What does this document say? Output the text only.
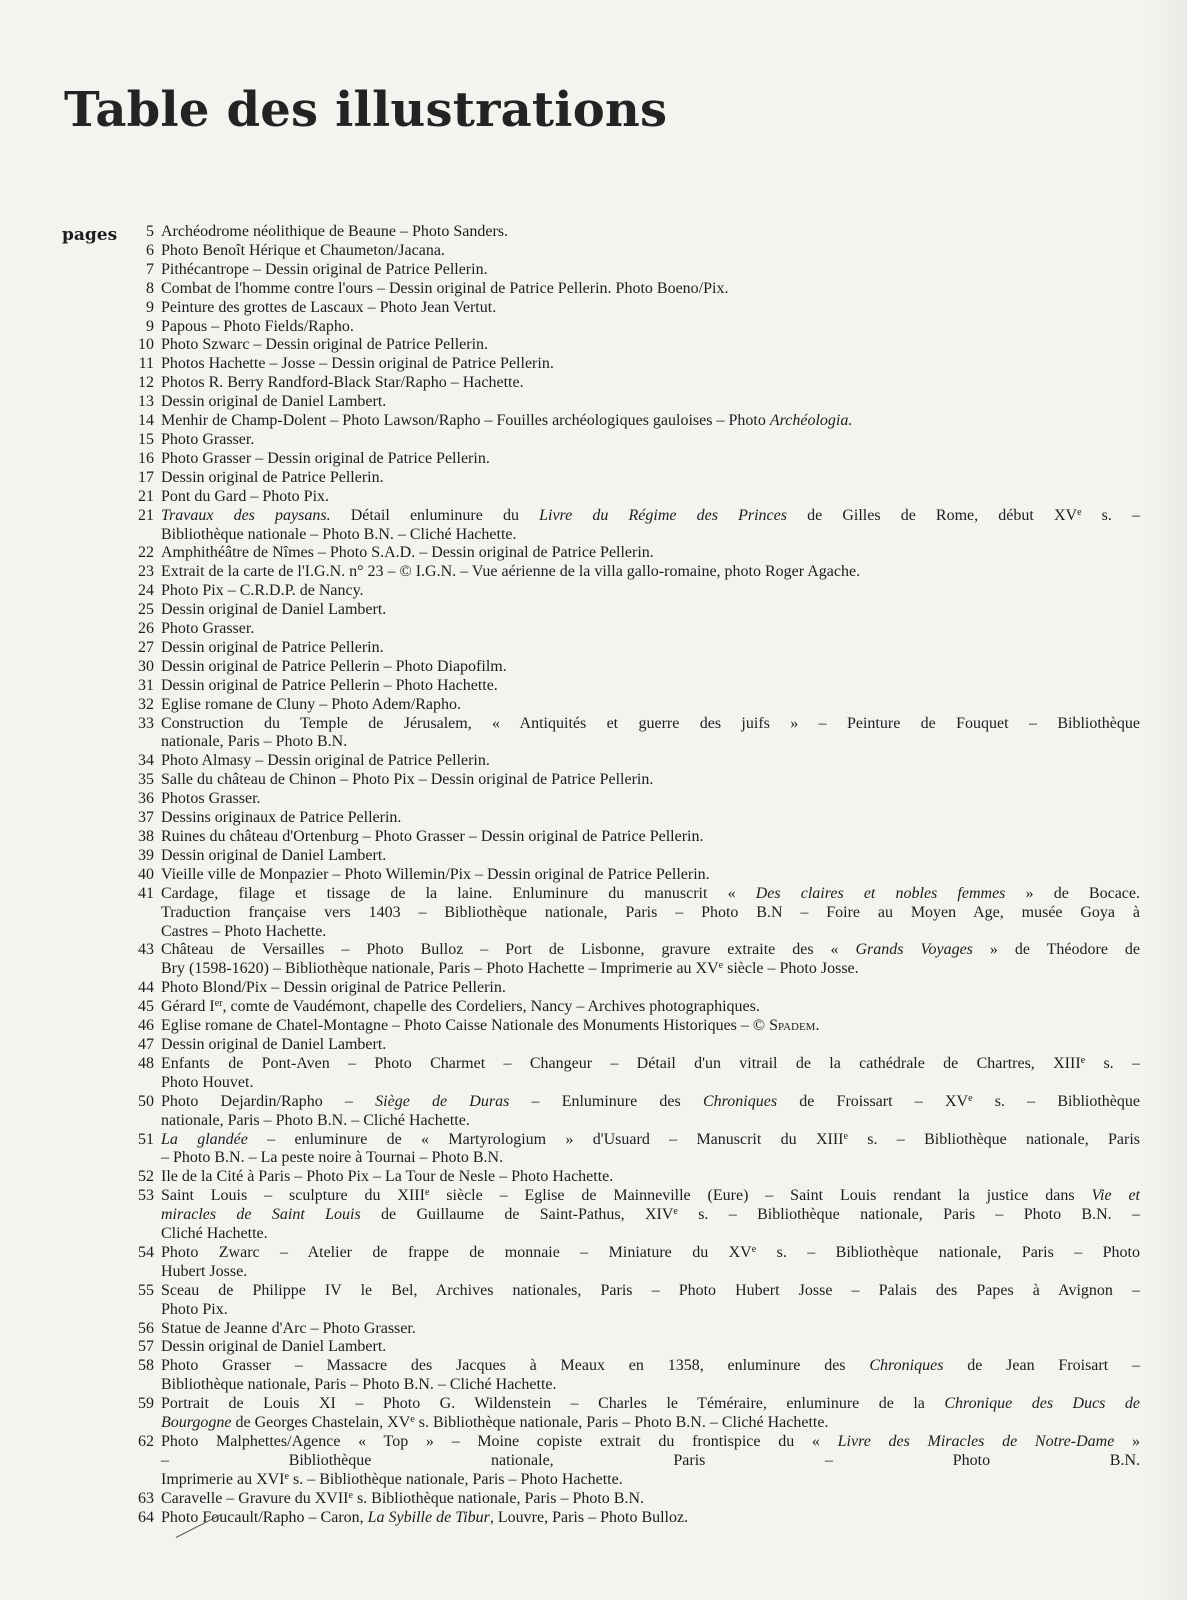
Table des illustrations
pages	5 Archéodrome néolithique de Beaune – Photo Sanders.
6 Photo Benoît Hérique et Chaumeton/Jacana.
7 Pithécantrope – Dessin original de Patrice Pellerin.
8 Combat de l'homme contre l'ours – Dessin original de Patrice Pellerin. Photo Boeno/Pix.
9 Peinture des grottes de Lascaux – Photo Jean Vertut.
9 Papous – Photo Fields/Rapho.
10 Photo Szwarc – Dessin original de Patrice Pellerin.
11 Photos Hachette – Josse – Dessin original de Patrice Pellerin.
12 Photos R. Berry Randford-Black Star/Rapho – Hachette.
13 Dessin original de Daniel Lambert.
14 Menhir de Champ-Dolent – Photo Lawson/Rapho – Fouilles archéologiques gauloises – Photo Archéologia.
15 Photo Grasser.
16 Photo Grasser – Dessin original de Patrice Pellerin.
17 Dessin original de Patrice Pellerin.
21 Pont du Gard – Photo Pix.
21 Travaux des paysans. Détail enluminure du Livre du Régime des Princes de Gilles de Rome, début XVe s. –
Bibliothèque nationale – Photo B.N. – Cliché Hachette.
22 Amphithéâtre de Nîmes – Photo S.A.D. – Dessin original de Patrice Pellerin.
23 Extrait de la carte de l'I.G.N. n° 23 – © I.G.N. – Vue aérienne de la villa gallo-romaine, photo Roger Agache.
24 Photo Pix – C.R.D.P. de Nancy.
25 Dessin original de Daniel Lambert.
26 Photo Grasser.
27 Dessin original de Patrice Pellerin.
30 Dessin original de Patrice Pellerin – Photo Diapofilm.
31 Dessin original de Patrice Pellerin – Photo Hachette.
32 Eglise romane de Cluny – Photo Adem/Rapho.
33 Construction du Temple de Jérusalem, « Antiquités et guerre des juifs » – Peinture de Fouquet – Bibliothèque
nationale, Paris – Photo B.N.
34 Photo Almasy – Dessin original de Patrice Pellerin.
35 Salle du château de Chinon – Photo Pix – Dessin original de Patrice Pellerin.
36 Photos Grasser.
37 Dessins originaux de Patrice Pellerin.
38 Ruines du château d'Ortenburg – Photo Grasser – Dessin original de Patrice Pellerin.
39 Dessin original de Daniel Lambert.
40 Vieille ville de Monpazier – Photo Willemin/Pix – Dessin original de Patrice Pellerin.
41 Cardage, filage et tissage de la laine. Enluminure du manuscrit « Des claires et nobles femmes » de Bocace.
Traduction française vers 1403 – Bibliothèque nationale, Paris – Photo B.N – Foire au Moyen Age, musée Goya à
Castres – Photo Hachette.
43 Château de Versailles – Photo Bulloz – Port de Lisbonne, gravure extraite des « Grands Voyages » de Théodore de
Bry (1598-1620) – Bibliothèque nationale, Paris – Photo Hachette – Imprimerie au XVe siècle – Photo Josse.
44 Photo Blond/Pix – Dessin original de Patrice Pellerin.
45 Gérard Ier, comte de Vaudémont, chapelle des Cordeliers, Nancy – Archives photographiques.
46 Eglise romane de Chatel-Montagne – Photo Caisse Nationale des Monuments Historiques – © Spadem.
47 Dessin original de Daniel Lambert.
48 Enfants de Pont-Aven – Photo Charmet – Changeur – Détail d'un vitrail de la cathédrale de Chartres, XIIIe s. –
Photo Houvet.
50 Photo Dejardin/Rapho – Siège de Duras – Enluminure des Chroniques de Froissart – XVe s. – Bibliothèque
nationale, Paris – Photo B.N. – Cliché Hachette.
51 La glandée – enluminure de « Martyrologium » d'Usuard – Manuscrit du XIIIe s. – Bibliothèque nationale, Paris
– Photo B.N. – La peste noire à Tournai – Photo B.N.
52 Ile de la Cité à Paris – Photo Pix – La Tour de Nesle – Photo Hachette.
53 Saint Louis – sculpture du XIIIe siècle – Eglise de Mainneville (Eure) – Saint Louis rendant la justice dans Vie et
miracles de Saint Louis de Guillaume de Saint-Pathus, XIVe s. – Bibliothèque nationale, Paris – Photo B.N. –
Cliché Hachette.
54 Photo Zwarc – Atelier de frappe de monnaie – Miniature du XVe s. – Bibliothèque nationale, Paris – Photo
Hubert Josse.
55 Sceau de Philippe IV le Bel, Archives nationales, Paris – Photo Hubert Josse – Palais des Papes à Avignon –
Photo Pix.
56 Statue de Jeanne d'Arc – Photo Grasser.
57 Dessin original de Daniel Lambert.
58 Photo Grasser – Massacre des Jacques à Meaux en 1358, enluminure des Chroniques de Jean Froisart –
Bibliothèque nationale, Paris – Photo B.N. – Cliché Hachette.
59 Portrait de Louis XI – Photo G. Wildenstein – Charles le Téméraire, enluminure de la Chronique des Ducs de
Bourgogne de Georges Chastelain, XVe s. Bibliothèque nationale, Paris – Photo B.N. – Cliché Hachette.
62 Photo Malphettes/Agence « Top » – Moine copiste extrait du frontispice du « Livre des Miracles de Notre-Dame »
– Bibliothèque nationale, Paris – Photo B.N.
Imprimerie au XVIe s. – Bibliothèque nationale, Paris – Photo Hachette.
63 Caravelle – Gravure du XVIIe s. Bibliothèque nationale, Paris – Photo B.N.
64 Photo Foucault/Rapho – Caron, La Sybille de Tibur, Louvre, Paris – Photo Bulloz.
